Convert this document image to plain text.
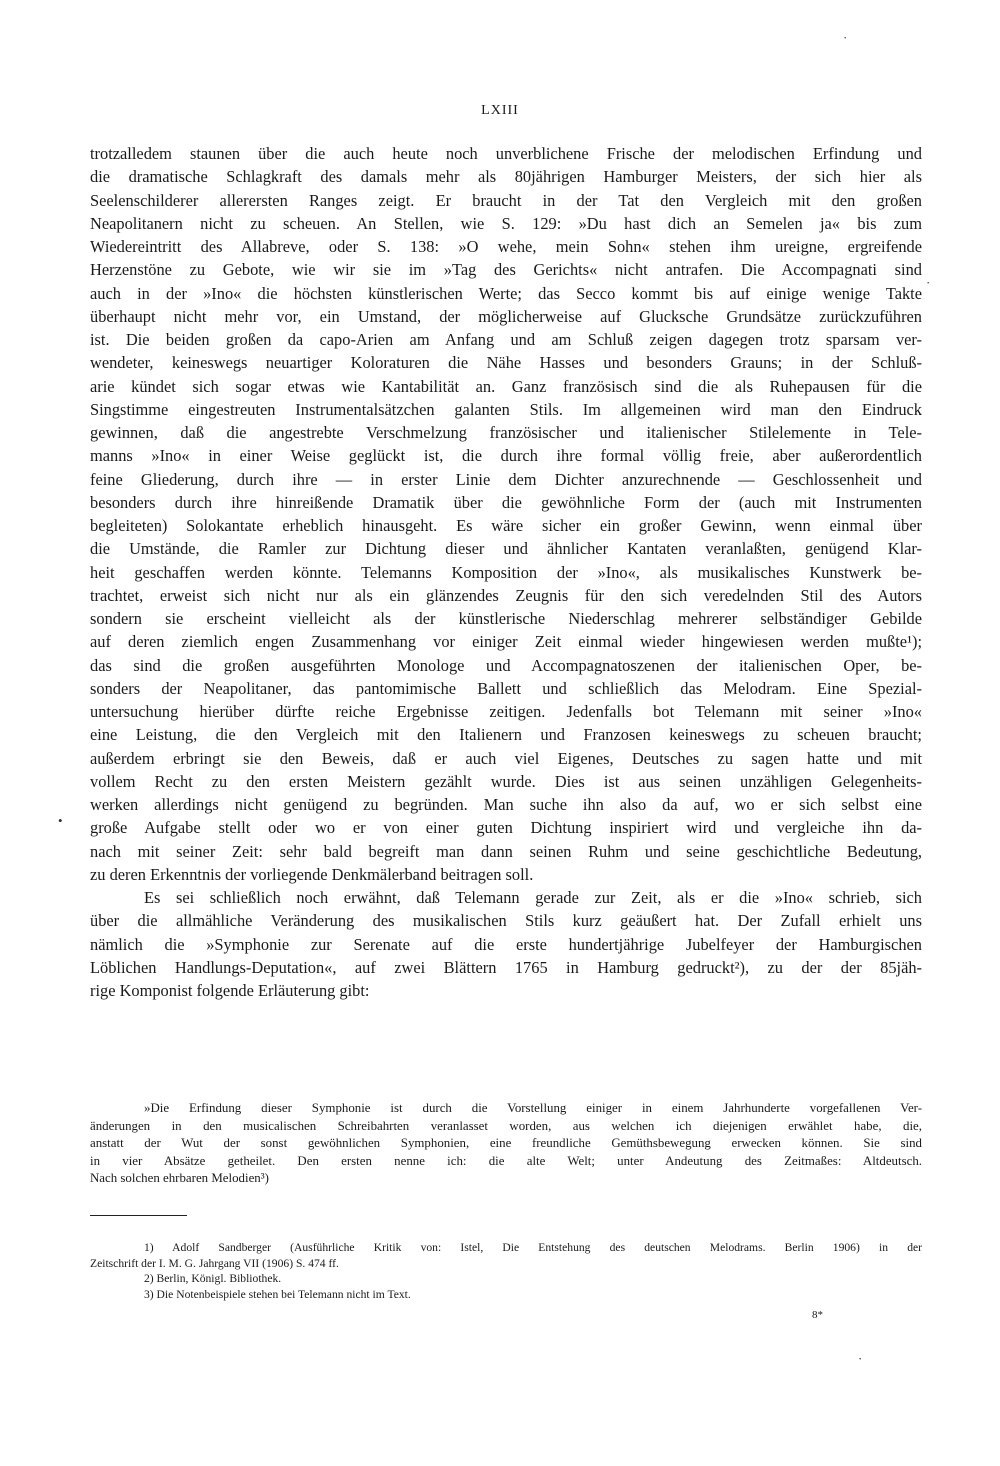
LXIII
trotzalledem staunen über die auch heute noch unverblichene Frische der melodischen Erfindung und
die dramatische Schlagkraft des damals mehr als 80jährigen Hamburger Meisters, der sich hier als
Seelenschilderer allerersten Ranges zeigt. Er braucht in der Tat den Vergleich mit den großen
Neapolitanern nicht zu scheuen. An Stellen, wie S. 129: »Du hast dich an Semelen ja« bis zum
Wiedereintritt des Allabreve, oder S. 138: »O wehe, mein Sohn« stehen ihm ureigne, ergreifende
Herzenstöne zu Gebote, wie wir sie im »Tag des Gerichts« nicht antrafen. Die Accompagnati sind
auch in der »Ino« die höchsten künstlerischen Werte; das Secco kommt bis auf einige wenige Takte
überhaupt nicht mehr vor, ein Umstand, der möglicherweise auf Glucksche Grundsätze zurückzuführen
ist. Die beiden großen da capo-Arien am Anfang und am Schluß zeigen dagegen trotz sparsam ver-
wendeter, keineswegs neuartiger Koloraturen die Nähe Hasses und besonders Grauns; in der Schluß-
arie kündet sich sogar etwas wie Kantabilität an. Ganz französisch sind die als Ruhepausen für die
Singstimme eingestreuten Instrumentalsätzchen galanten Stils. Im allgemeinen wird man den Eindruck
gewinnen, daß die angestrebte Verschmelzung französischer und italienischer Stilelemente in Tele-
manns »Ino« in einer Weise geglückt ist, die durch ihre formal völlig freie, aber außerordentlich
feine Gliederung, durch ihre — in erster Linie dem Dichter anzurechnende — Geschlossenheit und
besonders durch ihre hinreißende Dramatik über die gewöhnliche Form der (auch mit Instrumenten
begleiteten) Solokantate erheblich hinausgeht. Es wäre sicher ein großer Gewinn, wenn einmal über
die Umstände, die Ramler zur Dichtung dieser und ähnlicher Kantaten veranlaßten, genügend Klar-
heit geschaffen werden könnte. Telemanns Komposition der »Ino«, als musikalisches Kunstwerk be-
trachtet, erweist sich nicht nur als ein glänzendes Zeugnis für den sich veredelnden Stil des Autors
sondern sie erscheint vielleicht als der künstlerische Niederschlag mehrerer selbständiger Gebilde
auf deren ziemlich engen Zusammenhang vor einiger Zeit einmal wieder hingewiesen werden mußte¹);
das sind die großen ausgeführten Monologe und Accompagnatoszenen der italienischen Oper, be-
sonders der Neapolitaner, das pantomimische Ballett und schließlich das Melodram. Eine Spezial-
untersuchung hierüber dürfte reiche Ergebnisse zeitigen. Jedenfalls bot Telemann mit seiner »Ino«
eine Leistung, die den Vergleich mit den Italienern und Franzosen keineswegs zu scheuen braucht;
außerdem erbringt sie den Beweis, daß er auch viel Eigenes, Deutsches zu sagen hatte und mit
vollem Recht zu den ersten Meistern gezählt wurde. Dies ist aus seinen unzähligen Gelegenheits-
werken allerdings nicht genügend zu begründen. Man suche ihn also da auf, wo er sich selbst eine
große Aufgabe stellt oder wo er von einer guten Dichtung inspiriert wird und vergleiche ihn da-
nach mit seiner Zeit: sehr bald begreift man dann seinen Ruhm und seine geschichtliche Bedeutung,
zu deren Erkenntnis der vorliegende Denkmälerband beitragen soll.
Es sei schließlich noch erwähnt, daß Telemann gerade zur Zeit, als er die »Ino« schrieb, sich
über die allmähliche Veränderung des musikalischen Stils kurz geäußert hat. Der Zufall erhielt uns
nämlich die »Symphonie zur Serenate auf die erste hundertjährige Jubelfeyer der Hamburgischen
Löblichen Handlungs-Deputation«, auf zwei Blättern 1765 in Hamburg gedruckt²), zu der der 85jäh-
rige Komponist folgende Erläuterung gibt:
»Die Erfindung dieser Symphonie ist durch die Vorstellung einiger in einem Jahrhunderte vorgefallenen Ver-
änderungen in den musicalischen Schreibahrten veranlasset worden, aus welchen ich diejenigen erwählet habe, die,
anstatt der Wut der sonst gewöhnlichen Symphonien, eine freundliche Gemüthsbewegung erwecken können. Sie sind
in vier Absätze getheilet. Den ersten nenne ich: die alte Welt; unter Andeutung des Zeitmaßes: Altdeutsch.
Nach solchen ehrbaren Melodien³)
1) Adolf Sandberger (Ausführliche Kritik von: Istel, Die Entstehung des deutschen Melodrams. Berlin 1906) in der
Zeitschrift der I. M. G. Jahrgang VII (1906) S. 474 ff.
2) Berlin, Königl. Bibliothek.
3) Die Notenbeispiele stehen bei Telemann nicht im Text.
8*
•
·
·
·
